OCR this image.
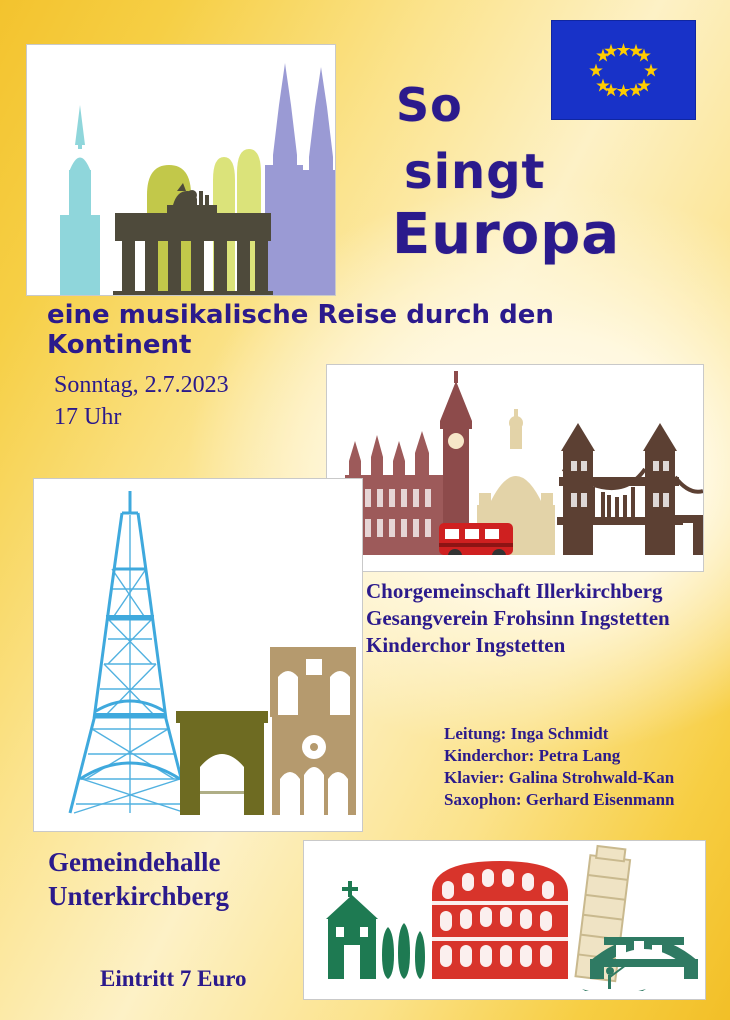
So
singt
Europa
eine musikalische Reise durch den Kontinent
Sonntag, 2.7.2023
17 Uhr
Chorgemeinschaft Illerkirchberg
Gesangverein Frohsinn Ingstetten
Kinderchor Ingstetten
Leitung: Inga Schmidt
Kinderchor: Petra Lang
Klavier: Galina Strohwald-Kan
Saxophon: Gerhard Eisenmann
Gemeindehalle
Unterkirchberg
Eintritt 7 Euro
